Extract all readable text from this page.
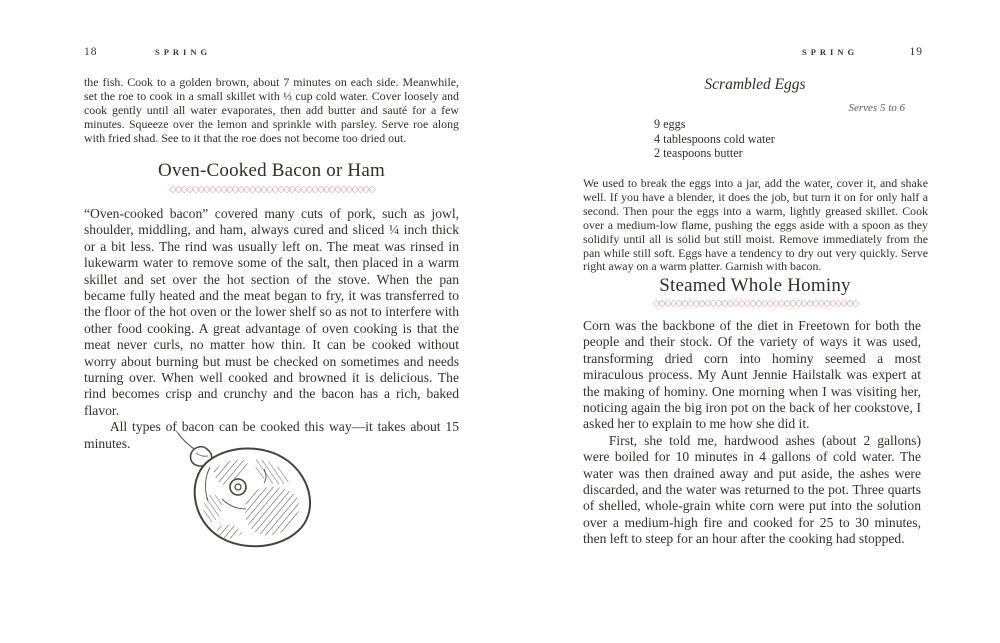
18	SPRING

the fish. Cook to a golden brown, about 7 minutes on each side. Meanwhile, set the roe to cook in a small skillet with ⅓ cup cold water. Cover loosely and cook gently until all water evaporates, then add butter and sauté for a few minutes. Squeeze over the lemon and sprinkle with parsley. Serve roe along with fried shad. See to it that the roe does not become too dried out.

Oven-Cooked Bacon or Ham
◇◇◇◇◇◇◇◇◇◇◇◇◇◇◇◇◇◇◇◇◇◇◇◇◇◇◇◇◇◇◇◇◇◇◇◇

“Oven-cooked bacon” covered many cuts of pork, such as jowl, shoulder, middling, and ham, always cured and sliced ¼ inch thick or a bit less. The rind was usually left on. The meat was rinsed in lukewarm water to remove some of the salt, then placed in a warm skillet and set over the hot section of the stove. When the pan became fully heated and the meat began to fry, it was transferred to the floor of the hot oven or the lower shelf so as not to interfere with other food cooking. A great advantage of oven cooking is that the meat never curls, no matter how thin. It can be cooked without worry about burning but must be checked on sometimes and needs turning over. When well cooked and browned it is delicious. The rind becomes crisp and crunchy and the bacon has a rich, baked flavor.

All types of bacon can be cooked this way—it takes about 15 minutes.

SPRING	19
Scrambled Eggs
Serves 5 to 6
9 eggs
4 tablespoons cold water
2 teaspoons butter

We used to break the eggs into a jar, add the water, cover it, and shake well. If you have a blender, it does the job, but turn it on for only half a second. Then pour the eggs into a warm, lightly greased skillet. Cook over a medium-low flame, pushing the eggs aside with a spoon as they solidify until all is solid but still moist. Remove immediately from the pan while still soft. Eggs have a tendency to dry out very quickly. Serve right away on a warm platter. Garnish with bacon.

Steamed Whole Hominy
◇◇◇◇◇◇◇◇◇◇◇◇◇◇◇◇◇◇◇◇◇◇◇◇◇◇◇◇◇◇◇◇◇◇◇◇

Corn was the backbone of the diet in Freetown for both the people and their stock. Of the variety of ways it was used, transforming dried corn into hominy seemed a most miraculous process. My Aunt Jennie Hailstalk was expert at the making of hominy. One morning when I was visiting her, noticing again the big iron pot on the back of her cookstove, I asked her to explain to me how she did it.

First, she told me, hardwood ashes (about 2 gallons) were boiled for 10 minutes in 4 gallons of cold water. The water was then drained away and put aside, the ashes were discarded, and the water was returned to the pot. Three quarts of shelled, whole-grain white corn were put into the solution over a medium-high fire and cooked for 25 to 30 minutes, then left to steep for an hour after the cooking had stopped.
